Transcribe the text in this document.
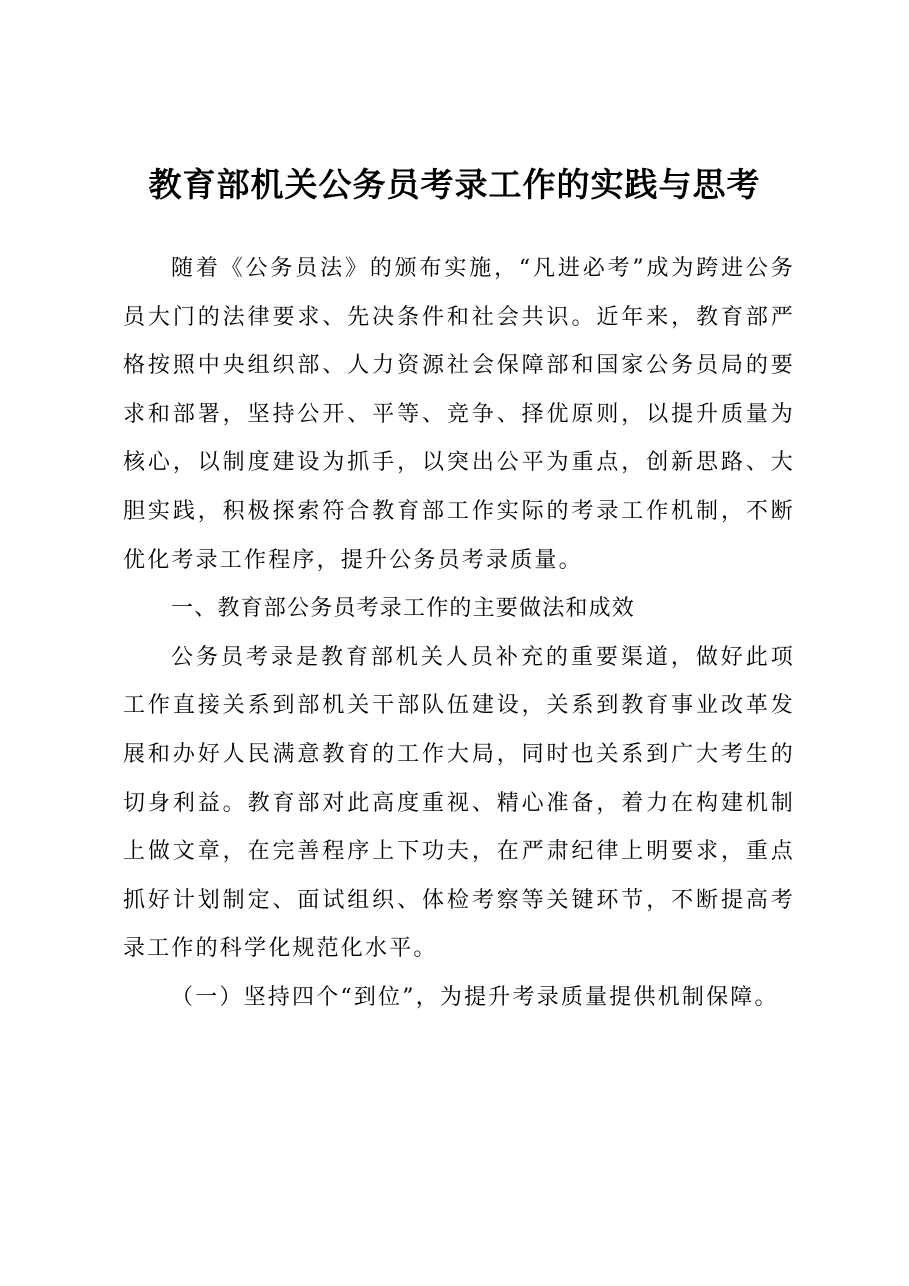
教育部机关公务员考录工作的实践与思考

随着《公务员法》的颁布实施，“凡进必考”成为跨进公务员大门的法律要求、先决条件和社会共识。近年来，教育部严格按照中央组织部、人力资源社会保障部和国家公务员局的要求和部署，坚持公开、平等、竞争、择优原则，以提升质量为核心，以制度建设为抓手，以突出公平为重点，创新思路、大胆实践，积极探索符合教育部工作实际的考录工作机制，不断优化考录工作程序，提升公务员考录质量。

一、教育部公务员考录工作的主要做法和成效

公务员考录是教育部机关人员补充的重要渠道，做好此项工作直接关系到部机关干部队伍建设，关系到教育事业改革发展和办好人民满意教育的工作大局，同时也关系到广大考生的切身利益。教育部对此高度重视、精心准备，着力在构建机制上做文章，在完善程序上下功夫，在严肃纪律上明要求，重点抓好计划制定、面试组织、体检考察等关键环节，不断提高考录工作的科学化规范化水平。

（一）坚持四个“到位”，为提升考录质量提供机制保障。
